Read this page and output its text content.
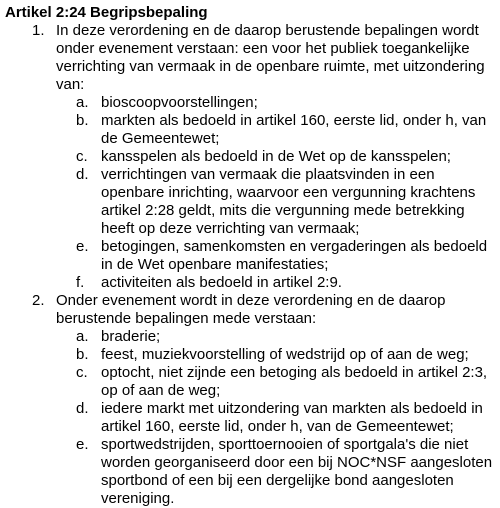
Artikel 2:24 Begripsbepaling
1. In deze verordening en de daarop berustende bepalingen wordt onder evenement verstaan: een voor het publiek toegankelijke verrichting van vermaak in de openbare ruimte, met uitzondering van:
a. bioscoopvoorstellingen;
b. markten als bedoeld in artikel 160, eerste lid, onder h, van de Gemeentewet;
c. kansspelen als bedoeld in de Wet op de kansspelen;
d. verrichtingen van vermaak die plaatsvinden in een openbare inrichting, waarvoor een vergunning krachtens artikel 2:28 geldt, mits die vergunning mede betrekking heeft op deze verrichting van vermaak;
e. betogingen, samenkomsten en vergaderingen als bedoeld in de Wet openbare manifestaties;
f. activiteiten als bedoeld in artikel 2:9.
2. Onder evenement wordt in deze verordening en de daarop berustende bepalingen mede verstaan:
a. braderie;
b. feest, muziekvoorstelling of wedstrijd op of aan de weg;
c. optocht, niet zijnde een betoging als bedoeld in artikel 2:3, op of aan de weg;
d. iedere markt met uitzondering van markten als bedoeld in artikel 160, eerste lid, onder h, van de Gemeentewet;
e. sportwedstrijden, sporttoernooien of sportgala's die niet worden georganiseerd door een bij NOC*NSF aangesloten sportbond of een bij een dergelijke bond aangesloten vereniging.
